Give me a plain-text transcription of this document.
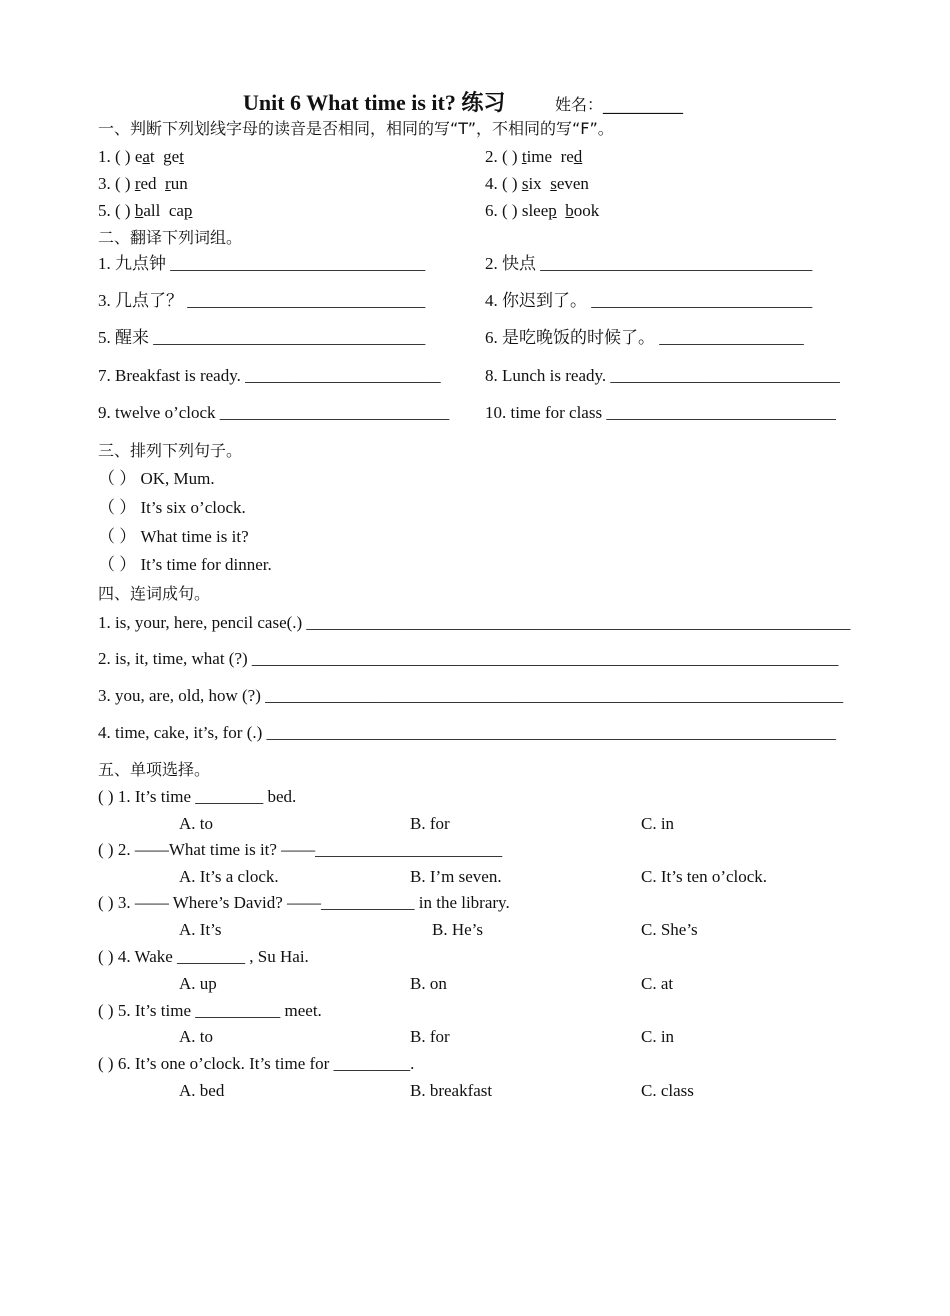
Unit 6 What time is it? 练习	姓名：__________
一、判断下列划线字母的读音是否相同，相同的写“T”，不相同的写“F”。
1. ( ) eat get	2. ( ) time red
3. ( ) red run	4. ( ) six seven
5. ( ) ball cap	6. ( ) sleep book
二、翻译下列词组。
1. 九点钟 ______________________________	2. 快点 ________________________________
3. 几点了？ ____________________________	4. 你迟到了。 __________________________
5. 醒来 ________________________________	6. 是吃晚饭的时候了。 _________________
7. Breakfast is ready. _______________________	8. Lunch is ready. ___________________________
9. twelve o’clock ___________________________ 10. time for class ___________________________
三、排列下列句子。
（ ） OK, Mum.
（ ） It’s six o’clock.
（ ） What time is it?
（ ） It’s time for dinner.
四、连词成句。
1. is, your, here, pencil case(.) ________________________________________________________________
2. is, it, time, what (?) _____________________________________________________________________
3. you, are, old, how (?) ____________________________________________________________________
4. time, cake, it’s, for (.) ___________________________________________________________________
五、单项选择。
( ) 1. It’s time ________ bed.
A. to	B. for	C. in
( ) 2. ——What time is it? ——______________________
A. It’s a clock.	B. I’m seven.	C. It’s ten o’clock.
( ) 3. —— Where’s David? ——___________ in the library.
A. It’s	B. He’s	C. She’s
( ) 4. Wake ________ , Su Hai.
A. up	B. on	C. at
( ) 5. It’s time __________ meet.
A. to	B. for	C. in
( ) 6. It’s one o’clock. It’s time for _________.
A. bed	B. breakfast	C. class
